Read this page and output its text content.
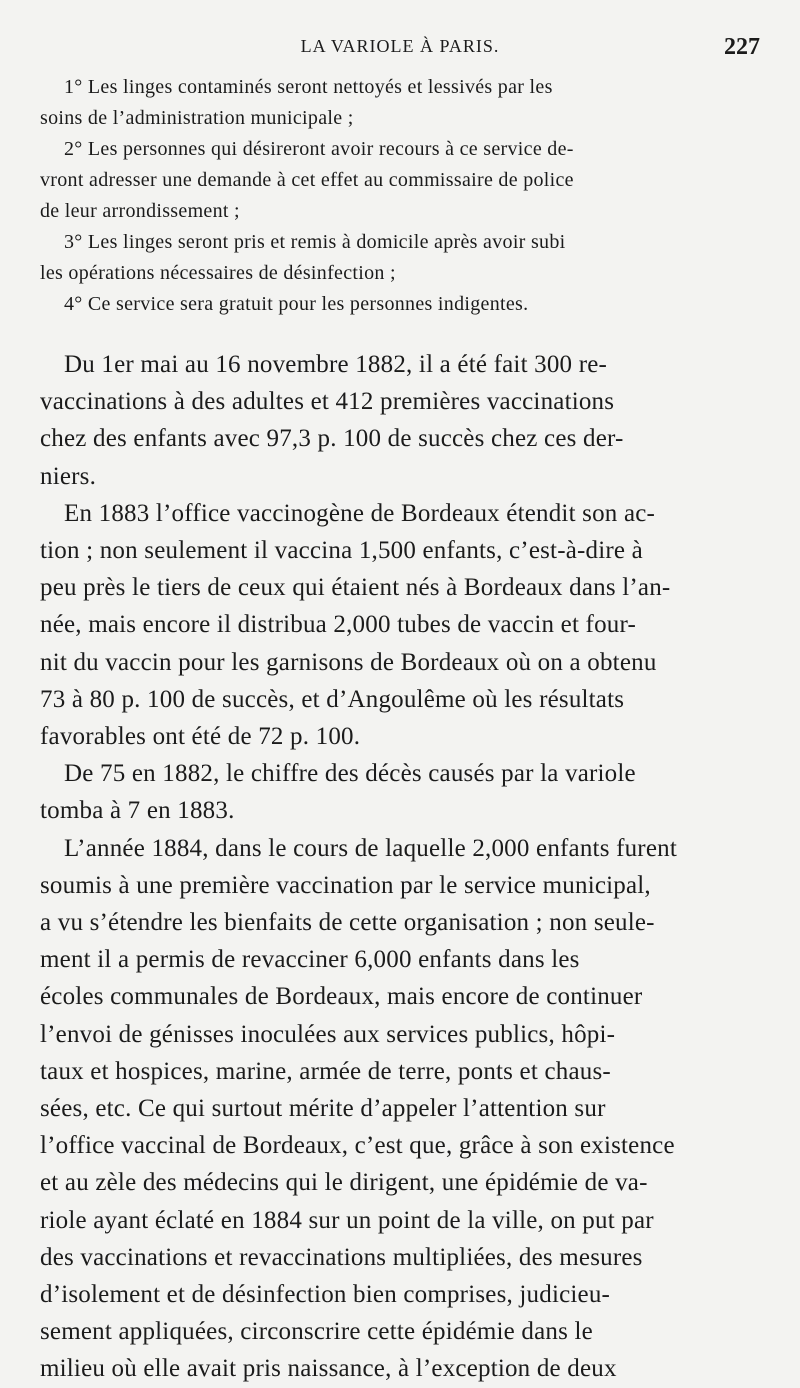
LA VARIOLE À PARIS.	227
1° Les linges contaminés seront nettoyés et lessivés par les
soins de l’administration municipale ;
2° Les personnes qui désireront avoir recours à ce service de-
vront adresser une demande à cet effet au commissaire de police
de leur arrondissement ;
3° Les linges seront pris et remis à domicile après avoir subi
les opérations nécessaires de désinfection ;
4° Ce service sera gratuit pour les personnes indigentes.
Du 1er mai au 16 novembre 1882, il a été fait 300 re-
vaccinations à des adultes et 412 premières vaccinations
chez des enfants avec 97,3 p. 100 de succès chez ces der-
niers.
En 1883 l’office vaccinogène de Bordeaux étendit son ac-
tion ; non seulement il vaccina 1,500 enfants, c’est-à-dire à
peu près le tiers de ceux qui étaient nés à Bordeaux dans l’an-
née, mais encore il distribua 2,000 tubes de vaccin et four-
nit du vaccin pour les garnisons de Bordeaux où on a obtenu
73 à 80 p. 100 de succès, et d’Angoulême où les résultats
favorables ont été de 72 p. 100.
De 75 en 1882, le chiffre des décès causés par la variole
tomba à 7 en 1883.
L’année 1884, dans le cours de laquelle 2,000 enfants furent
soumis à une première vaccination par le service municipal,
a vu s’étendre les bienfaits de cette organisation ; non seule-
ment il a permis de revacciner 6,000 enfants dans les
écoles communales de Bordeaux, mais encore de continuer
l’envoi de génisses inoculées aux services publics, hôpi-
taux et hospices, marine, armée de terre, ponts et chaus-
sées, etc. Ce qui surtout mérite d’appeler l’attention sur
l’office vaccinal de Bordeaux, c’est que, grâce à son existence
et au zèle des médecins qui le dirigent, une épidémie de va-
riole ayant éclaté en 1884 sur un point de la ville, on put par
des vaccinations et revaccinations multipliées, des mesures
d’isolement et de désinfection bien comprises, judicieu-
sement appliquées, circonscrire cette épidémie dans le
milieu où elle avait pris naissance, à l’exception de deux
